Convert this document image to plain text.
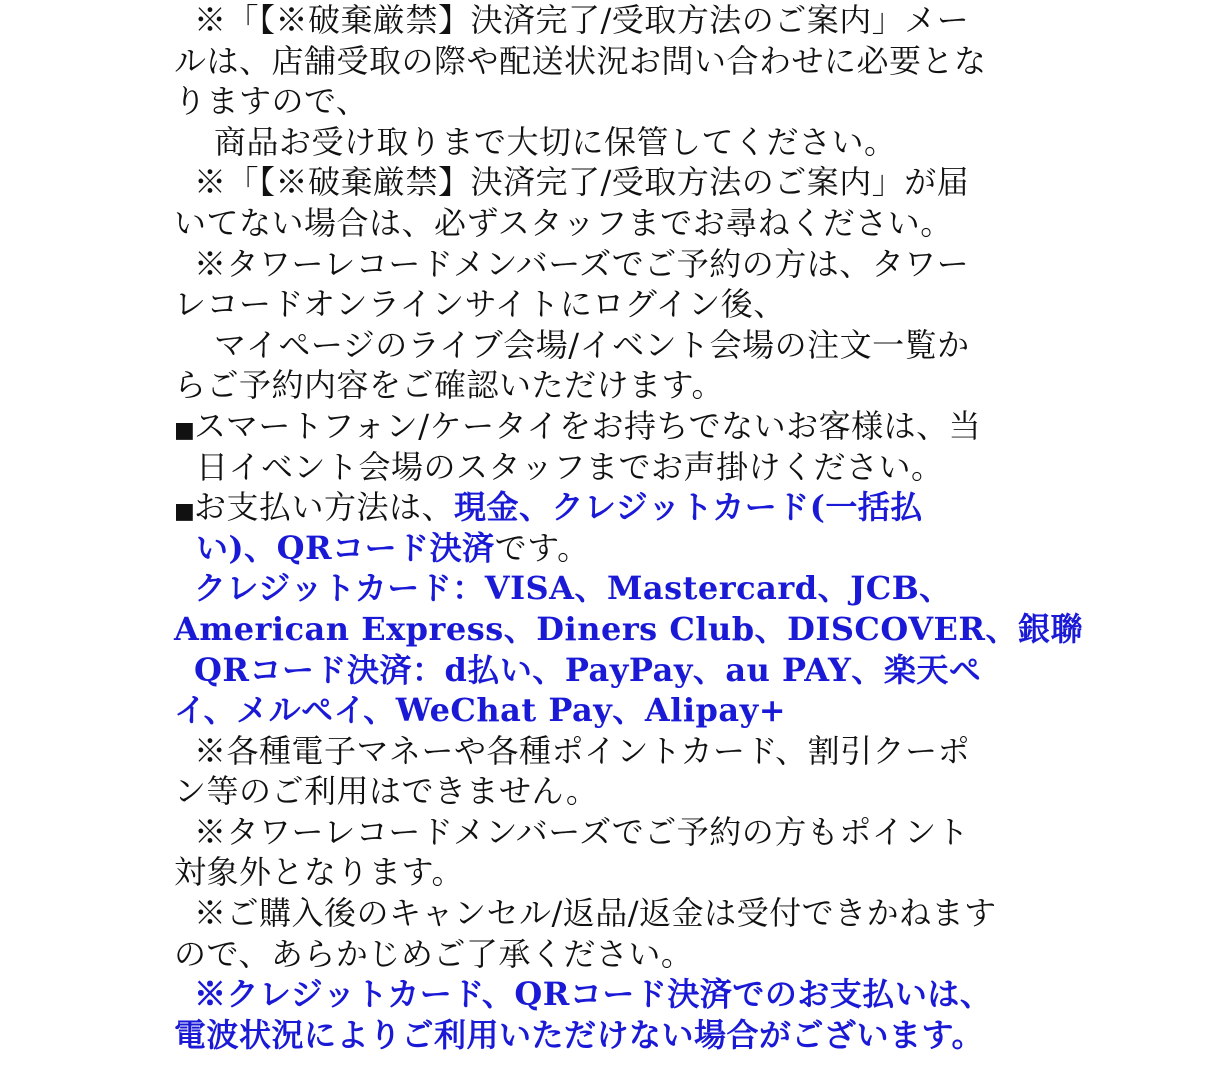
※「【※破棄厳禁】決済完了/受取方法のご案内」メー
ルは、店舗受取の際や配送状況お問い合わせに必要とな
りますので、
商品お受け取りまで大切に保管してください。
※「【※破棄厳禁】決済完了/受取方法のご案内」が届
いてない場合は、必ずスタッフまでお尋ねください。
※タワーレコードメンバーズでご予約の方は、タワー
レコードオンラインサイトにログイン後、
マイページのライブ会場/イベント会場の注文一覧か
らご予約内容をご確認いただけます。
■スマートフォン/ケータイをお持ちでないお客様は、当
日イベント会場のスタッフまでお声掛けください。
■お支払い方法は、現金、クレジットカード(一括払
い)、QRコード決済です。
クレジットカード：VISA、Mastercard、JCB、
American Express、Diners Club、DISCOVER、銀聯
QRコード決済：d払い、PayPay、au PAY、楽天ペ
イ、メルペイ、WeChat Pay、Alipay+
※各種電子マネーや各種ポイントカード、割引クーポ
ン等のご利用はできません。
※タワーレコードメンバーズでご予約の方もポイント
対象外となります。
※ご購入後のキャンセル/返品/返金は受付できかねます
ので、あらかじめご了承ください。
※クレジットカード、QRコード決済でのお支払いは、
電波状況によりご利用いただけない場合がございます。
